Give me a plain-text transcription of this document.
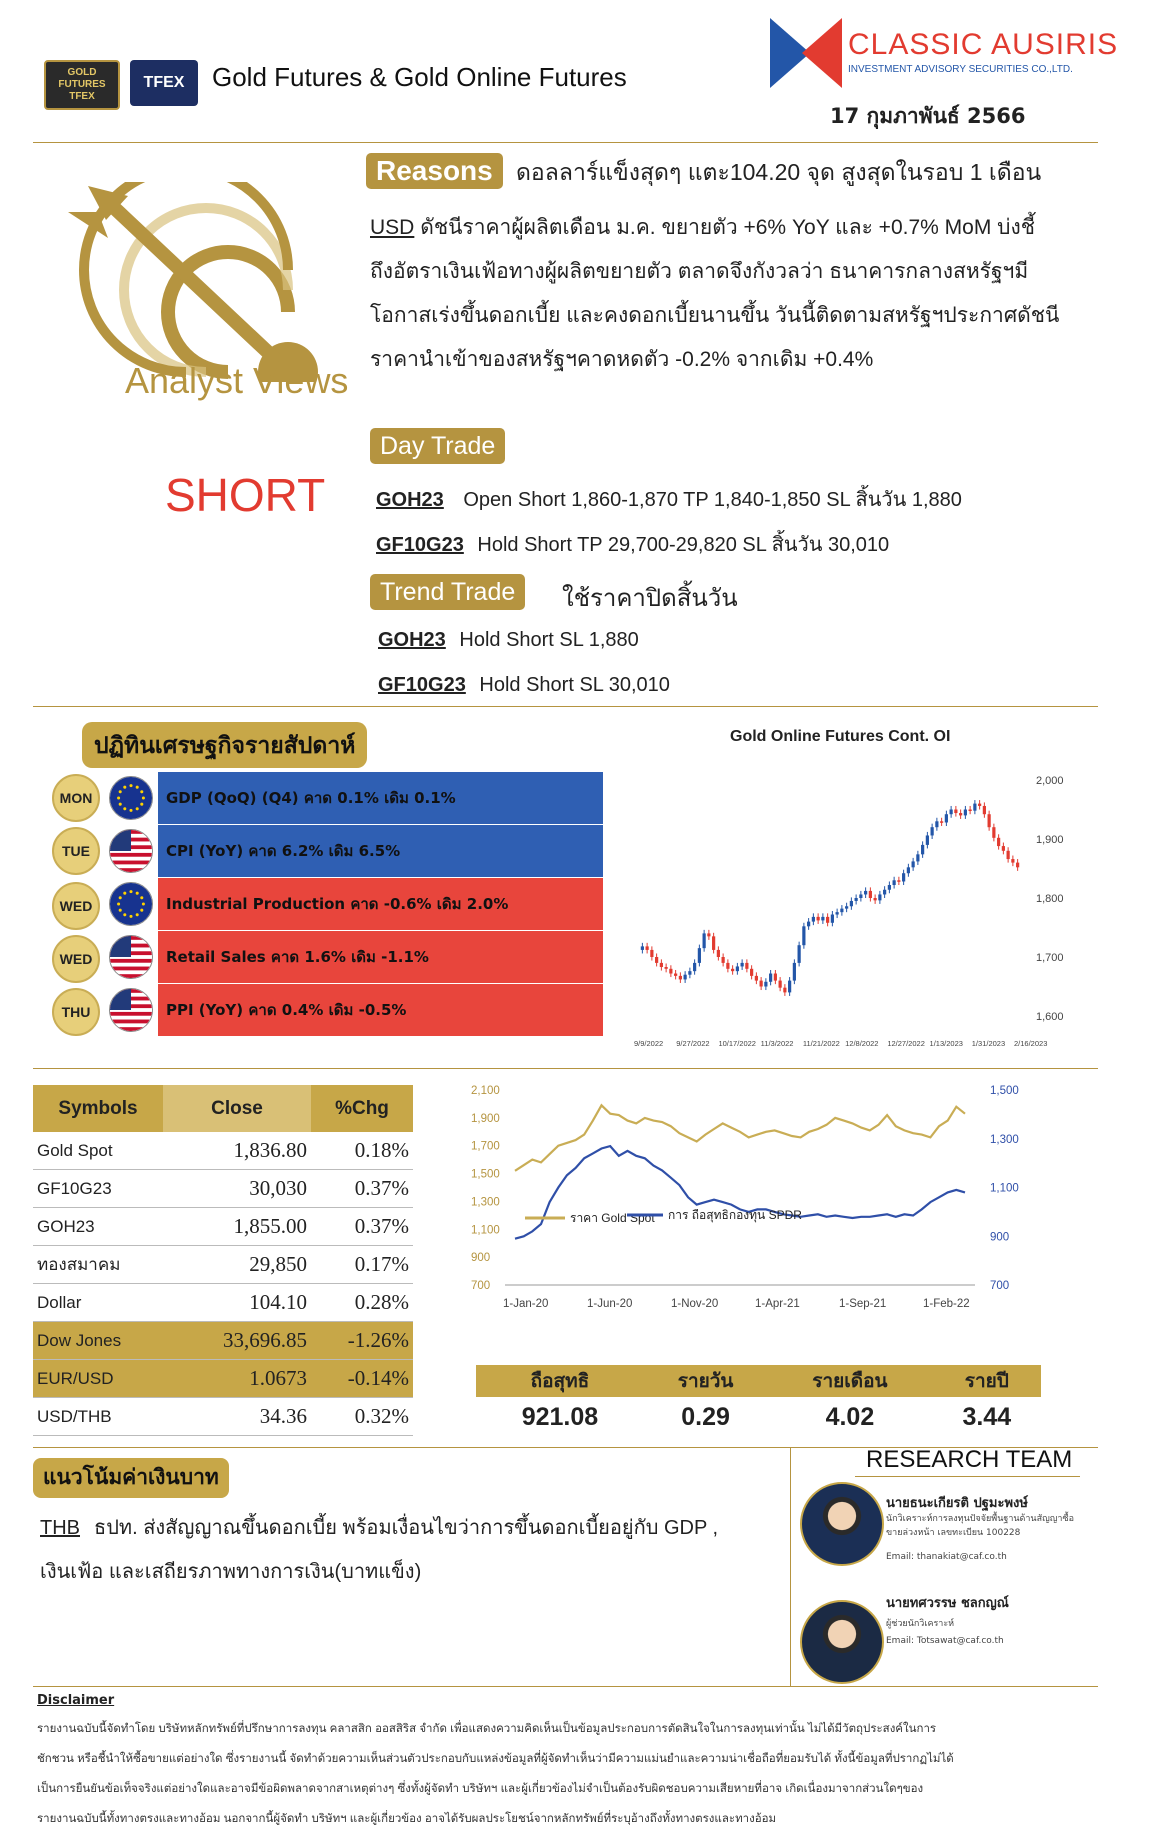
GOLD FUTURES TFEX
TFEX Gold Futures & Gold Online Futures
CLASSIC AUSIRIS
INVESTMENT ADVISORY SECURITIES CO.,LTD.
17 กุมภาพันธ์ 2566
Analyst Views
SHORT
Reasons	ดอลลาร์แข็งสุดๆ แตะ104.20 จุด สูงสุดในรอบ 1 เดือน
USD ดัชนีราคาผู้ผลิตเดือน ม.ค. ขยายตัว +6% YoY และ +0.7% MoM บ่งชี้
ถึงอัตราเงินเฟ้อทางผู้ผลิตขยายตัว ตลาดจึงกังวลว่า ธนาคารกลางสหรัฐฯมี
โอกาสเร่งขึ้นดอกเบี้ย และคงดอกเบี้ยนานขึ้น วันนี้ติดตามสหรัฐฯประกาศดัชนี
ราคานำเข้าของสหรัฐฯคาดหดตัว -0.2% จากเดิม +0.4%
Day Trade
GOH23 Open Short 1,860-1,870 TP 1,840-1,850 SL สิ้นวัน 1,880
GF10G23 Hold Short TP 29,700-29,820 SL สิ้นวัน 30,010
Trend Trade	ใช้ราคาปิดสิ้นวัน
GOH23 Hold Short SL 1,880
GF10G23 Hold Short SL 30,010
ปฏิทินเศรษฐกิจรายสัปดาห์
MON	GDP (QoQ) (Q4) คาด 0.1% เดิม 0.1%
TUE	CPI (YoY) คาด 6.2% เดิม 6.5%
WED	Industrial Production คาด -0.6% เดิม 2.0%
WED	Retail Sales คาด 1.6% เดิม -1.1%
THU	PPI (YoY) คาด 0.4% เดิม -0.5%
Gold Online Futures Cont. OI
2,000
1,900
1,800
1,700
1,600
9/9/2022 9/27/2022 10/17/2022 11/3/2022 11/21/2022 12/8/2022 12/27/2022 1/13/2023 1/31/2023 2/16/2023
Symbols	Close	%Chg
Gold Spot	1,836.80	0.18%
GF10G23	30,030	0.37%
GOH23	1,855.00	0.37%
ทองสมาคม	29,850	0.17%
Dollar	104.10	0.28%
Dow Jones	33,696.85	-1.26%
EUR/USD	1.0673	-0.14%
USD/THB	34.36	0.32%
2,100
1,900
1,700
1,500
1,300
1,100
900
700
1,500
1,300
1,100
900
700
1-Jan-20	1-Jun-20	1-Nov-20	1-Apr-21	1-Sep-21	1-Feb-22
ราคา Gold Spot การ ถือสุทธิกองทุน SPDR
ถือสุทธิ	รายวัน	รายเดือน	รายปี
921.08	0.29	4.02	3.44
แนวโน้มค่าเงินบาท
THB ธปท. ส่งสัญญาณขึ้นดอกเบี้ย พร้อมเงื่อนไขว่าการขึ้นดอกเบี้ยอยู่กับ GDP ,
เงินเฟ้อ และเสถียรภาพทางการเงิน(บาทแข็ง)
RESEARCH TEAM
นายธนะเกียรติ ปฐมะพงษ์
นักวิเคราะห์การลงทุนปัจจัยพื้นฐานด้านสัญญาซื้อขายล่วงหน้า เลขทะเบียน 100228
Email: thanakiat@caf.co.th
นายทศวรรษ ชลกญณ์
ผู้ช่วยนักวิเคราะห์
Email: Totsawat@caf.co.th
Disclaimer
รายงานฉบับนี้จัดทำโดย บริษัทหลักทรัพย์ที่ปรึกษาการลงทุน คลาสสิก ออสสิริส จำกัด เพื่อแสดงความคิดเห็นเป็นข้อมูลประกอบการตัดสินใจในการลงทุนเท่านั้น ไม่ได้มีวัตถุประสงค์ในการ
ชักชวน หรือชี้นำให้ซื้อขายแต่อย่างใด ซึ่งรายงานนี้ จัดทำด้วยความเห็นส่วนตัวประกอบกับแหล่งข้อมูลที่ผู้จัดทำเห็นว่ามีความแม่นยำและความน่าเชื่อถือที่ยอมรับได้ ทั้งนี้ข้อมูลที่ปรากฏไม่ได้
เป็นการยืนยันข้อเท็จจริงแต่อย่างใดและอาจมีข้อผิดพลาดจากสาเหตุต่างๆ ซึ่งทั้งผู้จัดทำ บริษัทฯ และผู้เกี่ยวข้องไม่จำเป็นต้องรับผิดชอบความเสียหายที่อาจ เกิดเนื่องมาจากส่วนใดๆของ
รายงานฉบับนี้ทั้งทางตรงและทางอ้อม นอกจากนี้ผู้จัดทำ บริษัทฯ และผู้เกี่ยวข้อง อาจได้รับผลประโยชน์จากหลักทรัพย์ที่ระบุอ้างถึงทั้งทางตรงและทางอ้อม
